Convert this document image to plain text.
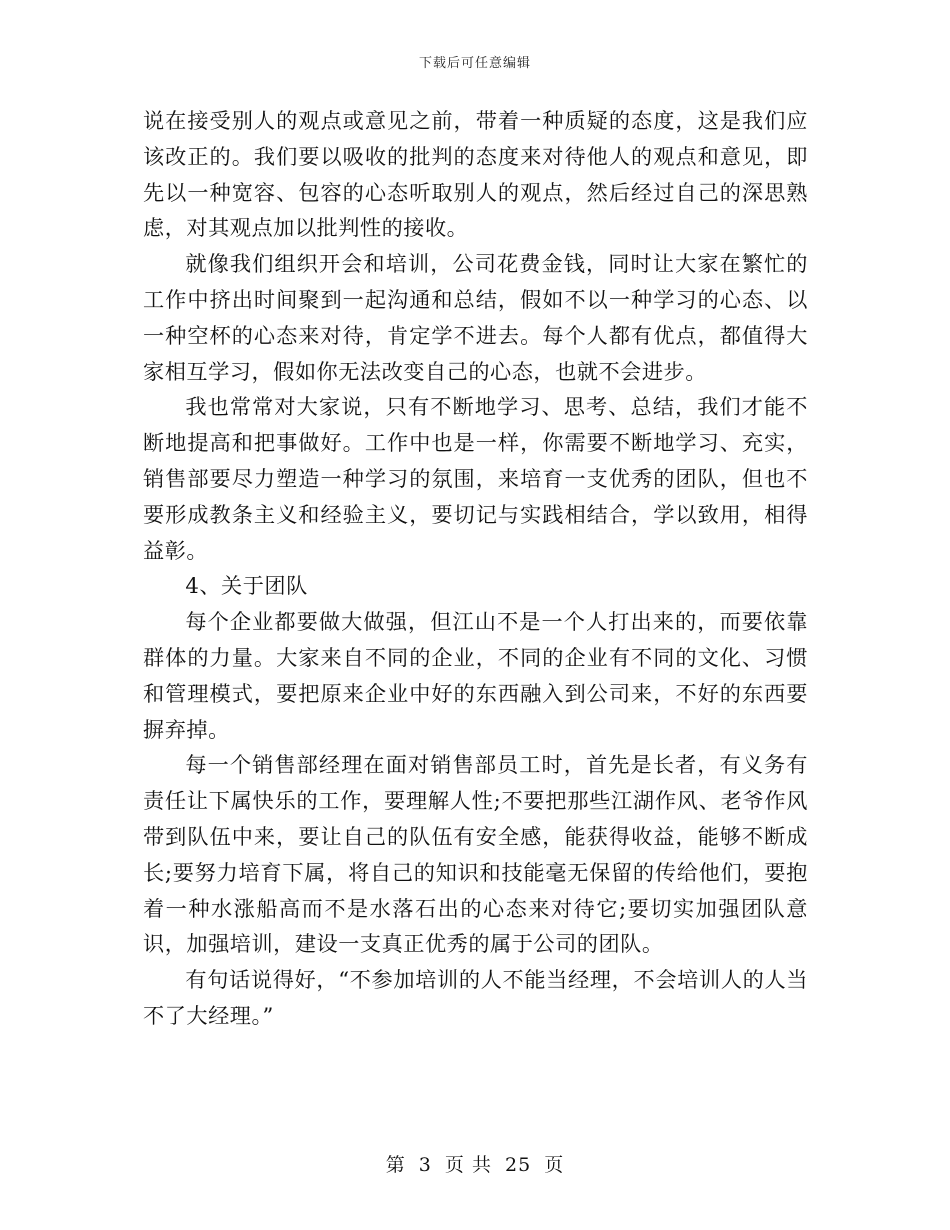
下载后可任意编辑

说在接受别人的观点或意见之前，带着一种质疑的态度，这是我们应该改正的。我们要以吸收的批判的态度来对待他人的观点和意见，即先以一种宽容、包容的心态听取别人的观点，然后经过自己的深思熟虑，对其观点加以批判性的接收。

就像我们组织开会和培训，公司花费金钱，同时让大家在繁忙的工作中挤出时间聚到一起沟通和总结，假如不以一种学习的心态、以一种空杯的心态来对待，肯定学不进去。每个人都有优点，都值得大家相互学习，假如你无法改变自己的心态，也就不会进步。

我也常常对大家说，只有不断地学习、思考、总结，我们才能不断地提高和把事做好。工作中也是一样，你需要不断地学习、充实，销售部要尽力塑造一种学习的氛围，来培育一支优秀的团队，但也不要形成教条主义和经验主义，要切记与实践相结合，学以致用，相得益彰。

4、关于团队

每个企业都要做大做强，但江山不是一个人打出来的，而要依靠群体的力量。大家来自不同的企业，不同的企业有不同的文化、习惯和管理模式，要把原来企业中好的东西融入到公司来，不好的东西要摒弃掉。

每一个销售部经理在面对销售部员工时，首先是长者，有义务有责任让下属快乐的工作，要理解人性;不要把那些江湖作风、老爷作风带到队伍中来，要让自己的队伍有安全感，能获得收益，能够不断成长;要努力培育下属，将自己的知识和技能毫无保留的传给他们，要抱着一种水涨船高而不是水落石出的心态来对待它;要切实加强团队意识，加强培训，建设一支真正优秀的属于公司的团队。

有句话说得好，“不参加培训的人不能当经理，不会培训人的人当不了大经理。”

第 3 页 共 25 页
